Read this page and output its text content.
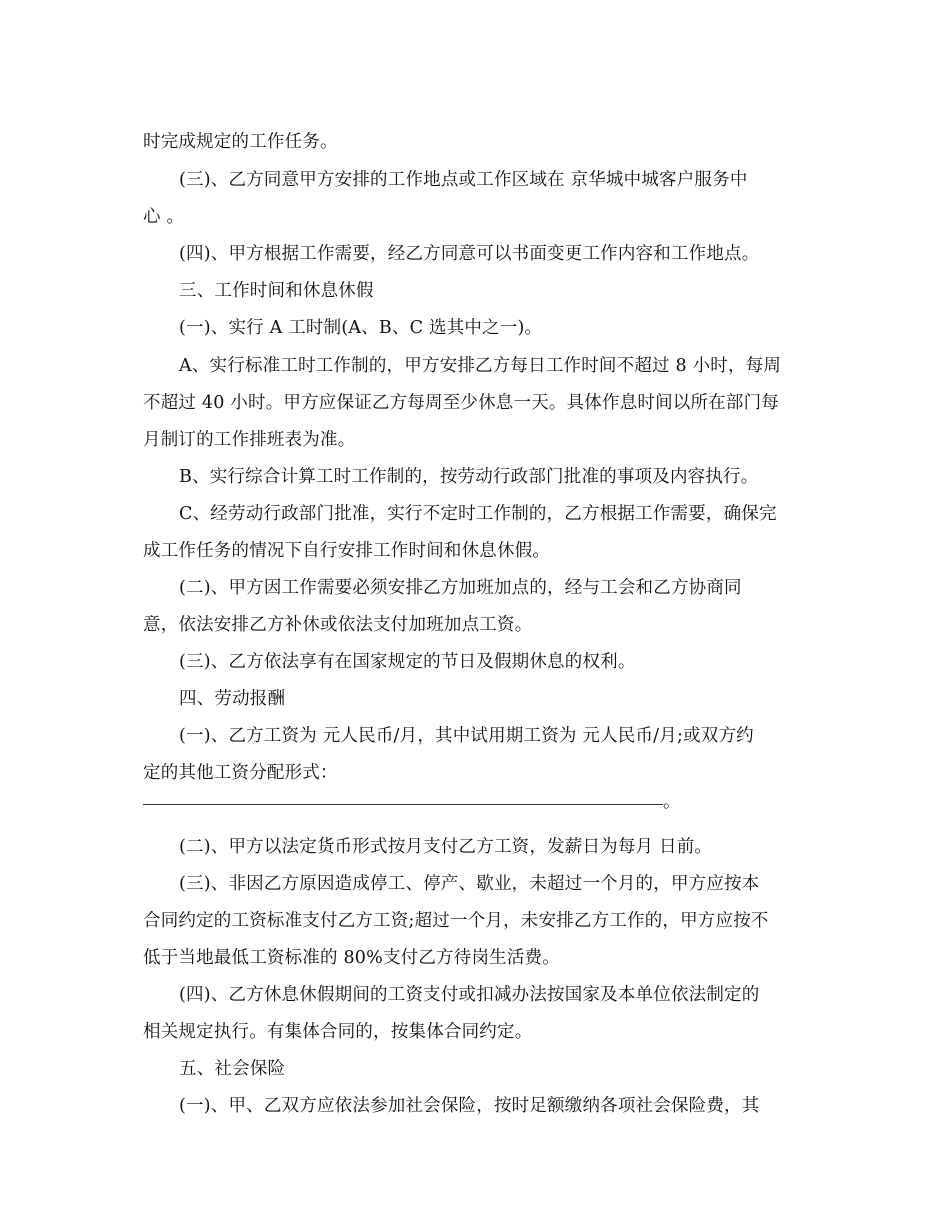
时完成规定的工作任务。
(三)、乙方同意甲方安排的工作地点或工作区域在 京华城中城客户服务中
心 。
(四)、甲方根据工作需要，经乙方同意可以书面变更工作内容和工作地点。
三、工作时间和休息休假
(一)、实行 A 工时制(A、B、C 选其中之一)。
A、实行标准工时工作制的，甲方安排乙方每日工作时间不超过 8 小时，每周
不超过 40 小时。甲方应保证乙方每周至少休息一天。具体作息时间以所在部门每
月制订的工作排班表为准。
B、实行综合计算工时工作制的，按劳动行政部门批准的事项及内容执行。
C、经劳动行政部门批准，实行不定时工作制的，乙方根据工作需要，确保完
成工作任务的情况下自行安排工作时间和休息休假。
(二)、甲方因工作需要必须安排乙方加班加点的，经与工会和乙方协商同
意，依法安排乙方补休或依法支付加班加点工资。
(三)、乙方依法享有在国家规定的节日及假期休息的权利。
四、劳动报酬
(一)、乙方工资为 元人民币/月，其中试用期工资为 元人民币/月;或双方约
定的其他工资分配形式：
。
(二)、甲方以法定货币形式按月支付乙方工资，发薪日为每月 日前。
(三)、非因乙方原因造成停工、停产、歇业，未超过一个月的，甲方应按本
合同约定的工资标准支付乙方工资;超过一个月，未安排乙方工作的，甲方应按不
低于当地最低工资标准的 80%支付乙方待岗生活费。
(四)、乙方休息休假期间的工资支付或扣减办法按国家及本单位依法制定的
相关规定执行。有集体合同的，按集体合同约定。
五、社会保险
(一)、甲、乙双方应依法参加社会保险，按时足额缴纳各项社会保险费，其
